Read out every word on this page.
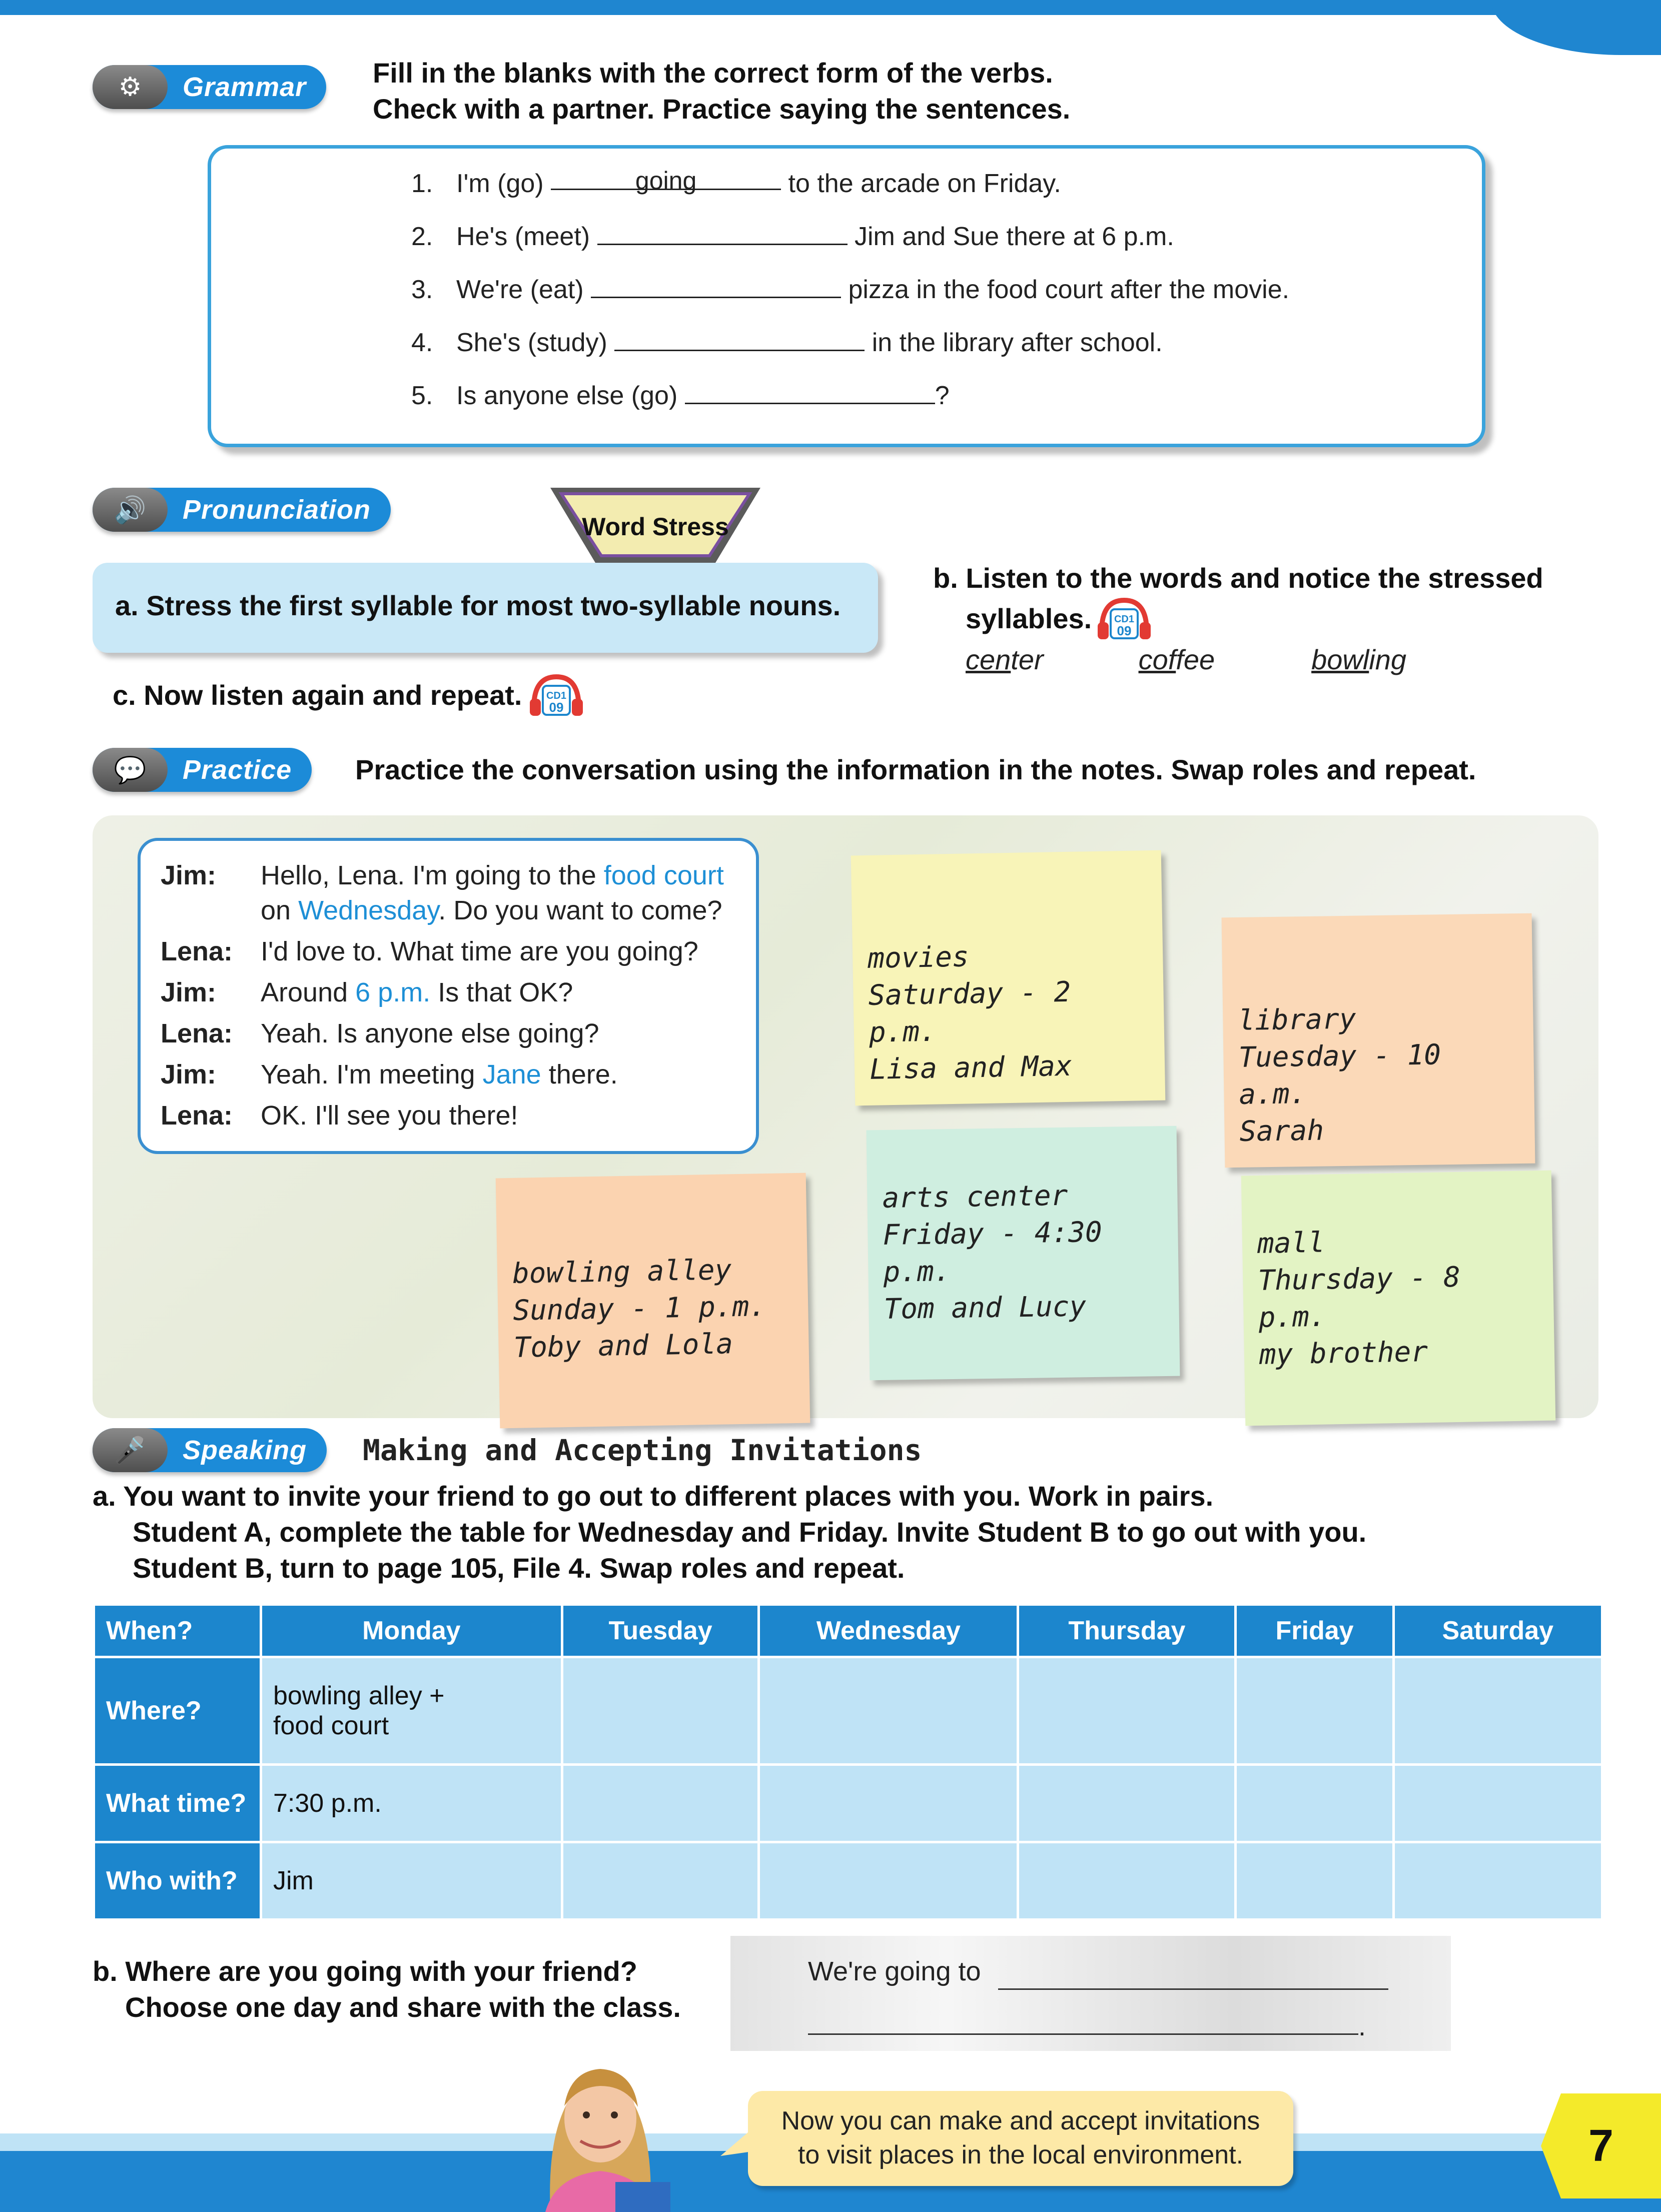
⚙	Grammar	Fill in the blanks with the correct form of the verbs.
Check with a partner. Practice saying the sentences.
1. I'm (go)	going	to the arcade on Friday.
2. He's (meet)	Jim and Sue there at 6 p.m.
3. We're (eat)	pizza in the food court after the movie.
4. She's (study)	in the library after school.
5. Is anyone else (go)	?
🔊	Pronunciation
Word Stress
a. Stress the first syllable for most two-syllable nouns.
b. Listen to the words and notice the stressed
syllables. CD1
09
center	coffee	bowling
c. Now listen again and repeat. CD1
09
💬	Practice	Practice the conversation using the information in the notes. Swap roles and repeat.
Jim: Hello, Lena. I'm going to the food court
on Wednesday. Do you want to come?
Lena: I'd love to. What time are you going?
Jim: Around 6 p.m. Is that OK?
Lena: Yeah. Is anyone else going?
Jim: Yeah. I'm meeting Jane there.
Lena: OK. I'll see you there!
movies
Saturday - 2 p.m.
Lisa and Max
library
Tuesday - 10 a.m.
Sarah
bowling alley
Sunday - 1 p.m.
Toby and Lola
arts center
Friday - 4:30 p.m.
Tom and Lucy
mall
Thursday - 8 p.m.
my brother
🎤	Speaking	Making and Accepting Invitations
a. You want to invite your friend to go out to different places with you. Work in pairs.
Student A, complete the table for Wednesday and Friday. Invite Student B to go out with you.
Student B, turn to page 105, File 4. Swap roles and repeat.
When?	Monday	Tuesday	Wednesday	Thursday	Friday	Saturday
Where?	bowling alley +
food court					

What time?	7:30 p.m.					
Who with?	Jim					
b. Where are you going with your friend?
Choose one day and share with the class.
We're going to
.
Now you can make and accept invitations
to visit places in the local environment.	7
